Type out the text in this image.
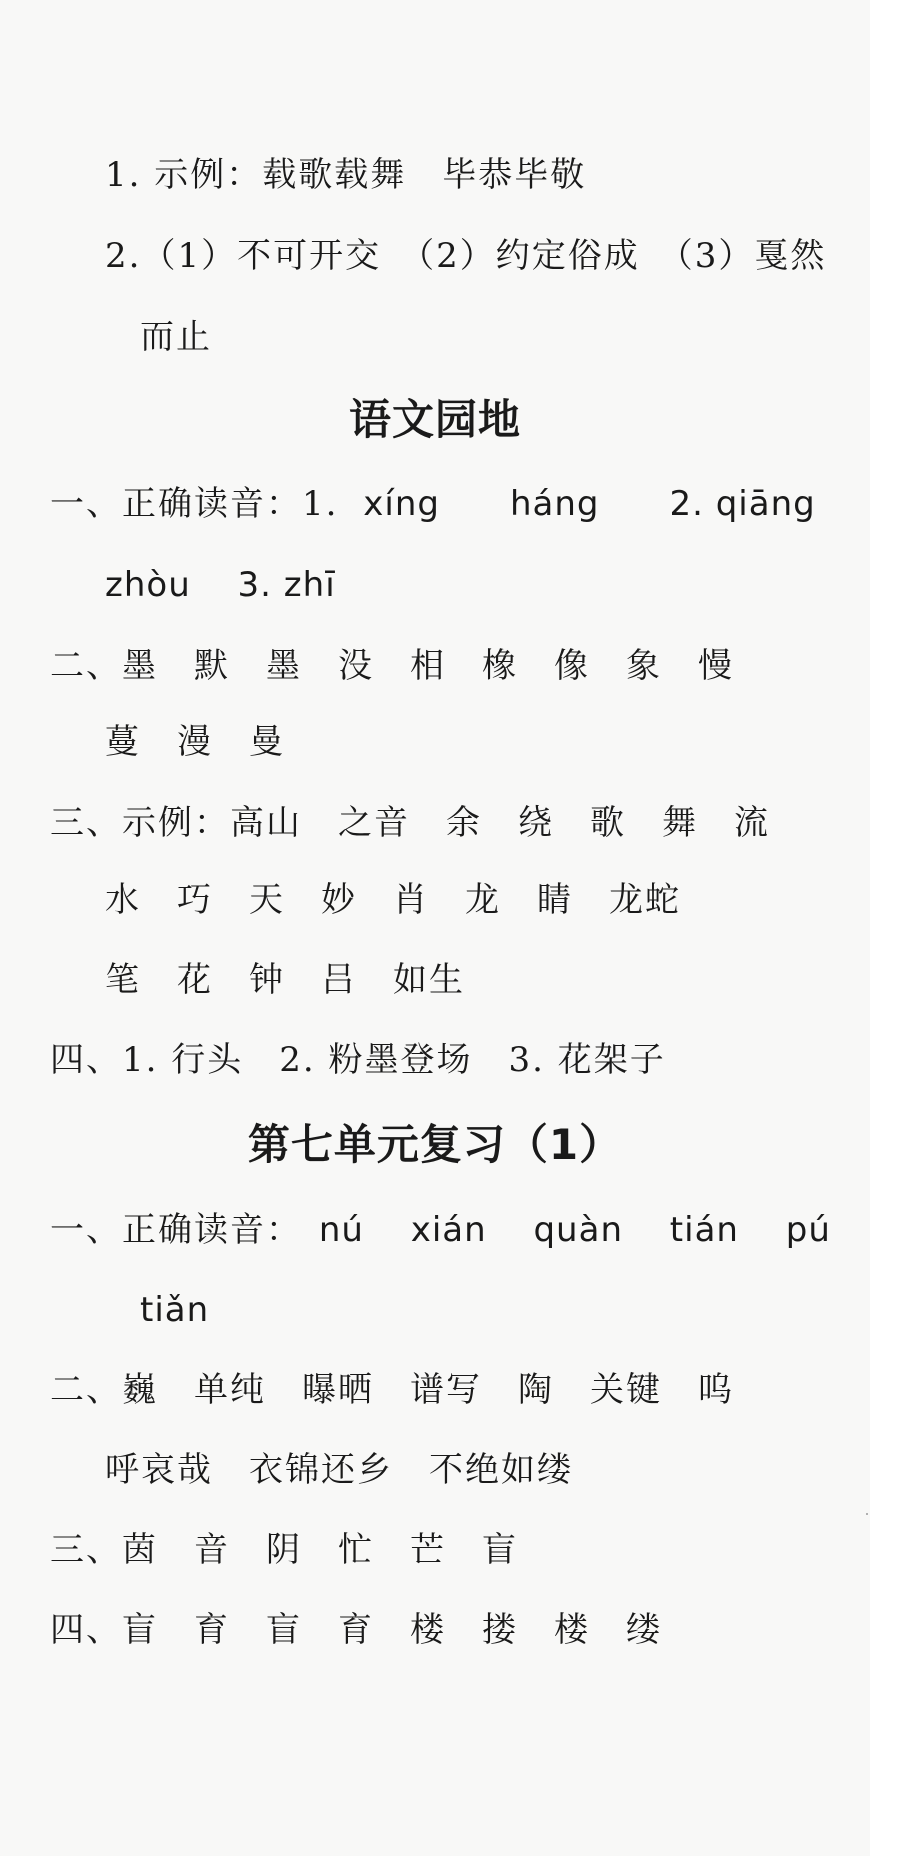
1. 示例：载歌载舞　毕恭毕敬
2.（1）不可开交　（2）约定俗成　（3）戛然
而止
语文园地
一、正确读音：1. xíng　　háng　　2. qiāng
zhòu　 3. zhī
二、墨　默　墨　没　相　橡　像　象　慢
蔓　漫　曼
三、示例：高山　之音　余　绕　歌　舞　流
水　巧　天　妙　肖　龙　睛　龙蛇
笔　花　钟　吕　如生
四、1. 行头　2. 粉墨登场　3. 花架子
第七单元复习（1）
一、正确读音： nú　 xián　 quàn　 tián　 pú
tiǎn
二、巍　单纯　曝晒　谱写　陶　关键　呜
呼哀哉　衣锦还乡　不绝如缕
三、茵　音　阴　忙　芒　盲
四、盲　育　盲　育　楼　搂　楼　缕
